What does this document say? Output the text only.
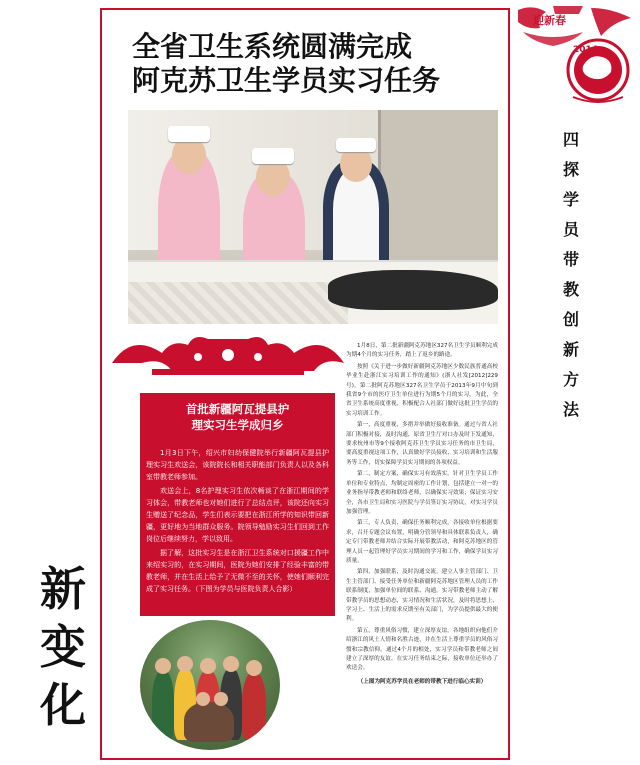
迎新春
2014
全省卫生系统圆满完成
阿克苏卫生学员实习任务
首批新疆阿瓦提县护
理实习生学成归乡

1月3日下午，绍兴市妇幼保健院举行新疆阿瓦提县护理实习生欢送会，该院院长和相关职能部门负责人以及各科室带教老师参加。

欢送会上，8名护理实习生依次畅谈了在浙江期间的学习体会，带教老师也对她们进行了总结点评，该院还向实习生赠送了纪念品，学生们表示要把在浙江所学的知识带回新疆，更好地为当地群众服务。院领导勉励实习生们回到工作岗位后继续努力，学以致用。

据了解，这批实习生是在浙江卫生系统对口援疆工作中来绍实习的，在实习期间，医院为她们安排了经验丰富的带教老师，并在生活上给予了无微不至的关怀，使她们顺利完成了实习任务。（下图为学员与医院负责人合影）

1月8日，第二批新疆阿克苏地区327名卫生学员顺利完成为期4个月的实习任务，踏上了返乡的路途。

按照《关于进一步做好新疆阿克苏地区少数民族普通高校毕业生赴浙江实习培训工作的通知》(浙人社发[2012]229号)，第二批阿克苏地区327名卫生学员于2013年9月中旬到我省9个市的医疗卫生单位进行为期5个月的实习。为此，全省卫生系统高度重视，积极配合人社部门做好这批卫生学员的实习培训工作。

第一，高度重视，多措并举做好接收准备。通过与省人社部门积极对接，及时沟通，原省卫生厅对口办及时下发通知，要求杭州市等9个接收阿克苏卫生学员实习任务的市卫生局，要高度重视这项工作，认真做好学员接收、实习培训和生活服务等工作，切实保障学员实习期间的各项权益。

第二，制定方案，确保实习有效落实。针对卫生学员工作单位和专业特点，均制定周密的工作计划，包括建立一对一的业务指导带教老师和联络老师，以确保实习效果；保证实习安全，各市卫生局和实习医院与学员签订实习协议，对实习学员加强管理。

第三，专人负责，确保任务顺利完成。各接收单位根据要求，召开专题会议布置，明确分管领导和具体联系负责人，确定专门带教老师并结合实际开展带教活动，和阿克苏地区的管理人员一起管理好学员实习期间的学习和工作，确保学员实习质量。

第四，加强联系，及时沟通交流。建立人事主管部门、卫生主管部门、接受任务单位和新疆阿克苏地区管理人员的工作联系制度，加强单位间的联系、沟通。实习带教老师主动了解带教学员的思想动态，实习情况和生活状况，及时将思想上、学习上、生活上的需求反馈至有关部门，为学员提供最大的便利。

第五，尊重风俗习惯，建立深厚友谊。各地组织向他们介绍浙江的风土人情和名胜古迹，并在生活上尊重学员的风俗习惯和宗教信仰。通过4个月的相处，实习学员和带教老师之间建立了深厚的友谊。在实习任务结束之际，接收单位还举办了欢送会。

（上图为阿克苏学员在老师的带教下进行临心实训）

新
变
化
四
探
学
员
带
教
创
新
方
法
